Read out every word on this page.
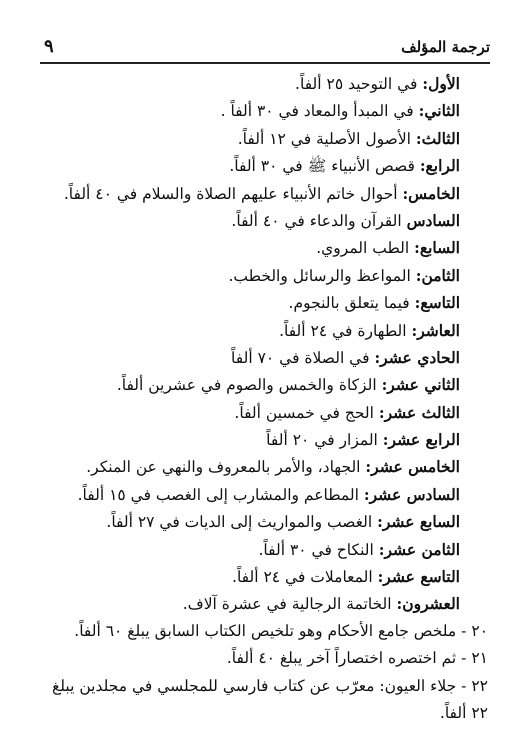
ترجمة المؤلف
٩
الأول: في التوحيد ٢٥ ألفاً.
الثاني: في المبدأ والمعاد في ٣٠ ألفاً .
الثالث: الأصول الأصلية في ١٢ ألفاً.
الرابع: قصص الأنبياء ﷺ في ٣٠ ألفاً.
الخامس: أحوال خاتم الأنبياء عليهم الصلاة والسلام في ٤٠ ألفاً.
السادس القرآن والدعاء في ٤٠ ألفاً.
السابع: الطب المروي.
الثامن: المواعظ والرسائل والخطب.
التاسع: فيما يتعلق بالنجوم.
العاشر: الطهارة في ٢٤ ألفاً.
الحادي عشر: في الصلاة في ٧٠ ألفاً
الثاني عشر: الزكاة والخمس والصوم في عشرين ألفاً.
الثالث عشر: الحج في خمسين ألفاً.
الرابع عشر: المزار في ٢٠ ألفاً
الخامس عشر: الجهاد، والأمر بالمعروف والنهي عن المنكر.
السادس عشر: المطاعم والمشارب إلى الغصب في ١٥ ألفاً.
السابع عشر: الغصب والمواريث إلى الديات في ٢٧ ألفاً.
الثامن عشر: النكاح في ٣٠ ألفاً.
التاسع عشر: المعاملات في ٢٤ ألفاً.
العشرون: الخاتمة الرجالية في عشرة آلاف.
٢٠ - ملخص جامع الأحكام وهو تلخيص الكتاب السابق يبلغ ٦٠ ألفاً.
٢١ - ثم اختصره اختصاراً آخر يبلغ ٤٠ ألفاً.
٢٢ - جلاء العيون: معرّب عن كتاب فارسي للمجلسي في مجلدين يبلغ
٢٢ ألفاً.
